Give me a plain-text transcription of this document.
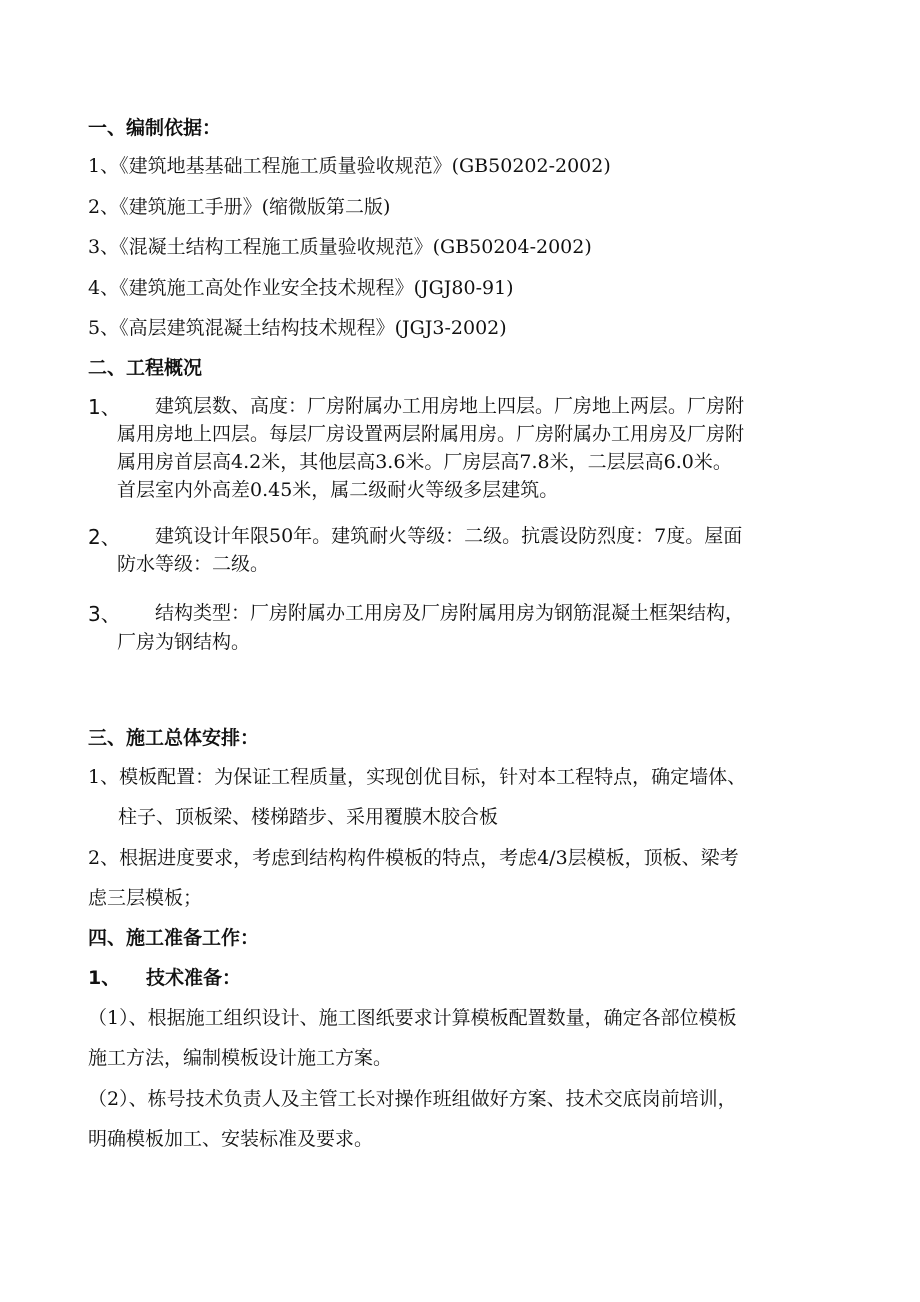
一、编制依据：
1、《建筑地基基础工程施工质量验收规范》(GB50202-2002)
2、《建筑施工手册》(缩微版第二版)
3、《混凝土结构工程施工质量验收规范》(GB50204-2002)
4、《建筑施工高处作业安全技术规程》(JGJ80-91)
5、《高层建筑混凝土结构技术规程》(JGJ3-2002)
二、工程概况
1、 建筑层数、高度：厂房附属办工用房地上四层。厂房地上两层。厂房附
属用房地上四层。每层厂房设置两层附属用房。厂房附属办工用房及厂房附
属用房首层高4.2米，其他层高3.6米。厂房层高7.8米，二层层高6.0米。
首层室内外高差0.45米，属二级耐火等级多层建筑。
2、 建筑设计年限50年。建筑耐火等级：二级。抗震设防烈度：7度。屋面
防水等级：二级。
3、 结构类型：厂房附属办工用房及厂房附属用房为钢筋混凝土框架结构，
厂房为钢结构。
三、施工总体安排：
1、模板配置：为保证工程质量，实现创优目标，针对本工程特点，确定墙体、
柱子、顶板梁、楼梯踏步、采用覆膜木胶合板
2、根据进度要求，考虑到结构构件模板的特点，考虑4/3层模板，顶板、梁考
虑三层模板；
四、施工准备工作：
1、 技术准备：
（1）、根据施工组织设计、施工图纸要求计算模板配置数量，确定各部位模板
施工方法，编制模板设计施工方案。
（2）、栋号技术负责人及主管工长对操作班组做好方案、技术交底岗前培训，
明确模板加工、安装标准及要求。
